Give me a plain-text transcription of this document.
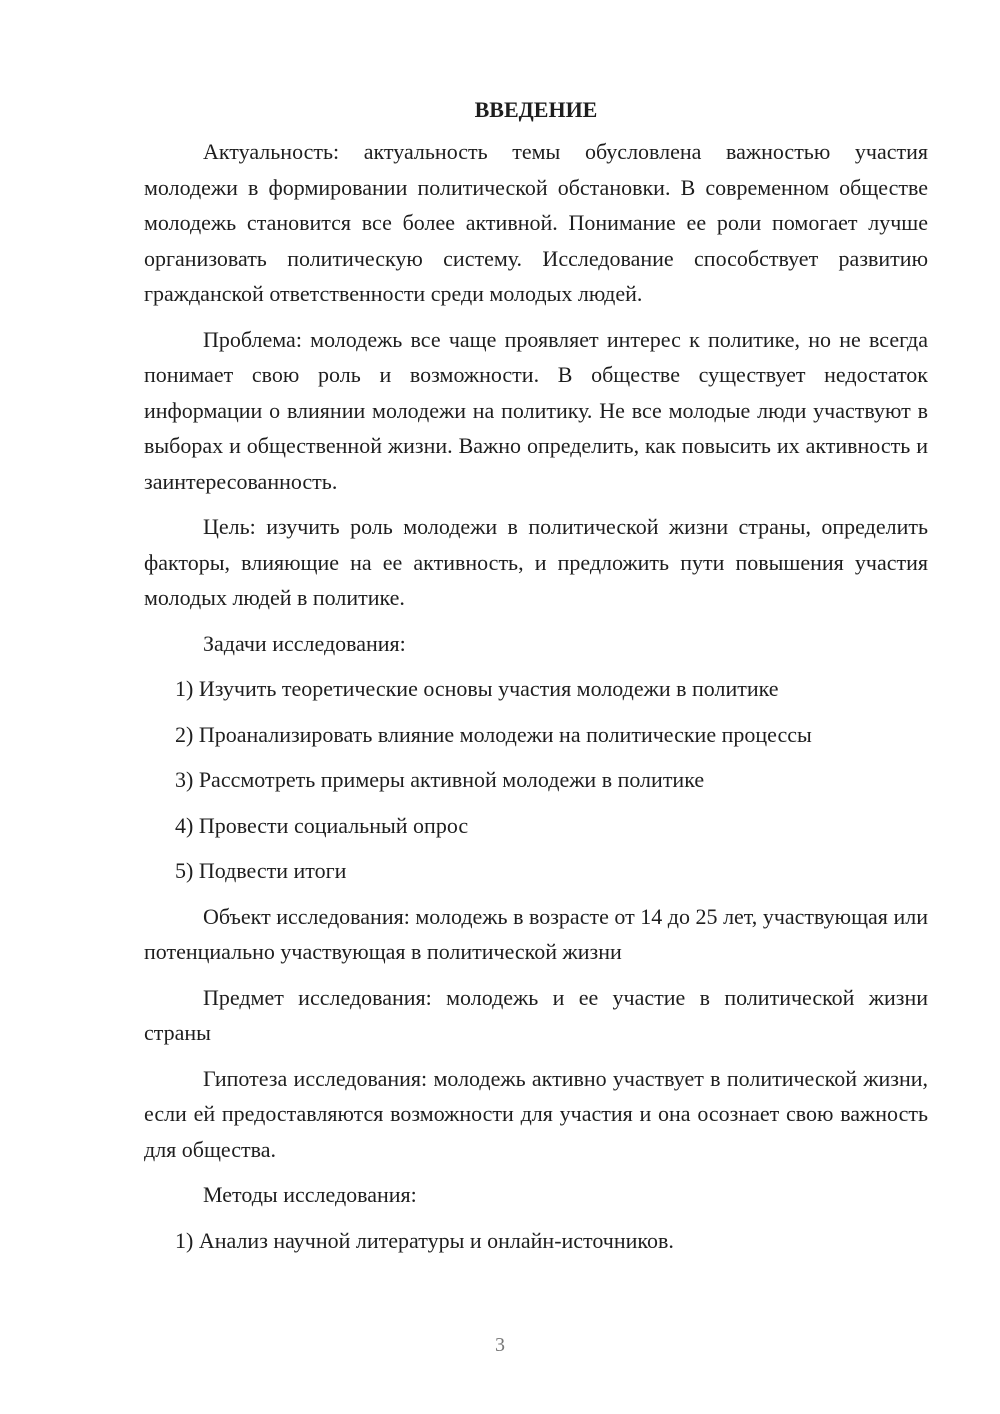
ВВЕДЕНИЕ

Актуальность: актуальность темы обусловлена важностью участия молодежи в формировании политической обстановки. В современном обществе молодежь становится все более активной. Понимание ее роли помогает лучше организовать политическую систему. Исследование способствует развитию гражданской ответственности среди молодых людей.

Проблема: молодежь все чаще проявляет интерес к политике, но не всегда понимает свою роль и возможности. В обществе существует недостаток информации о влиянии молодежи на политику. Не все молодые люди участвуют в выборах и общественной жизни. Важно определить, как повысить их активность и заинтересованность.

Цель: изучить роль молодежи в политической жизни страны, определить факторы, влияющие на ее активность, и предложить пути повышения участия молодых людей в политике.

Задачи исследования:

1) Изучить теоретические основы участия молодежи в политике

2) Проанализировать влияние молодежи на политические процессы

3) Рассмотреть примеры активной молодежи в политике

4) Провести социальный опрос

5) Подвести итоги

Объект исследования: молодежь в возрасте от 14 до 25 лет, участвующая или потенциально участвующая в политической жизни

Предмет исследования: молодежь и ее участие в политической жизни страны

Гипотеза исследования: молодежь активно участвует в политической жизни, если ей предоставляются возможности для участия и она осознает свою важность для общества.

Методы исследования:

1) Анализ научной литературы и онлайн-источников.

3
